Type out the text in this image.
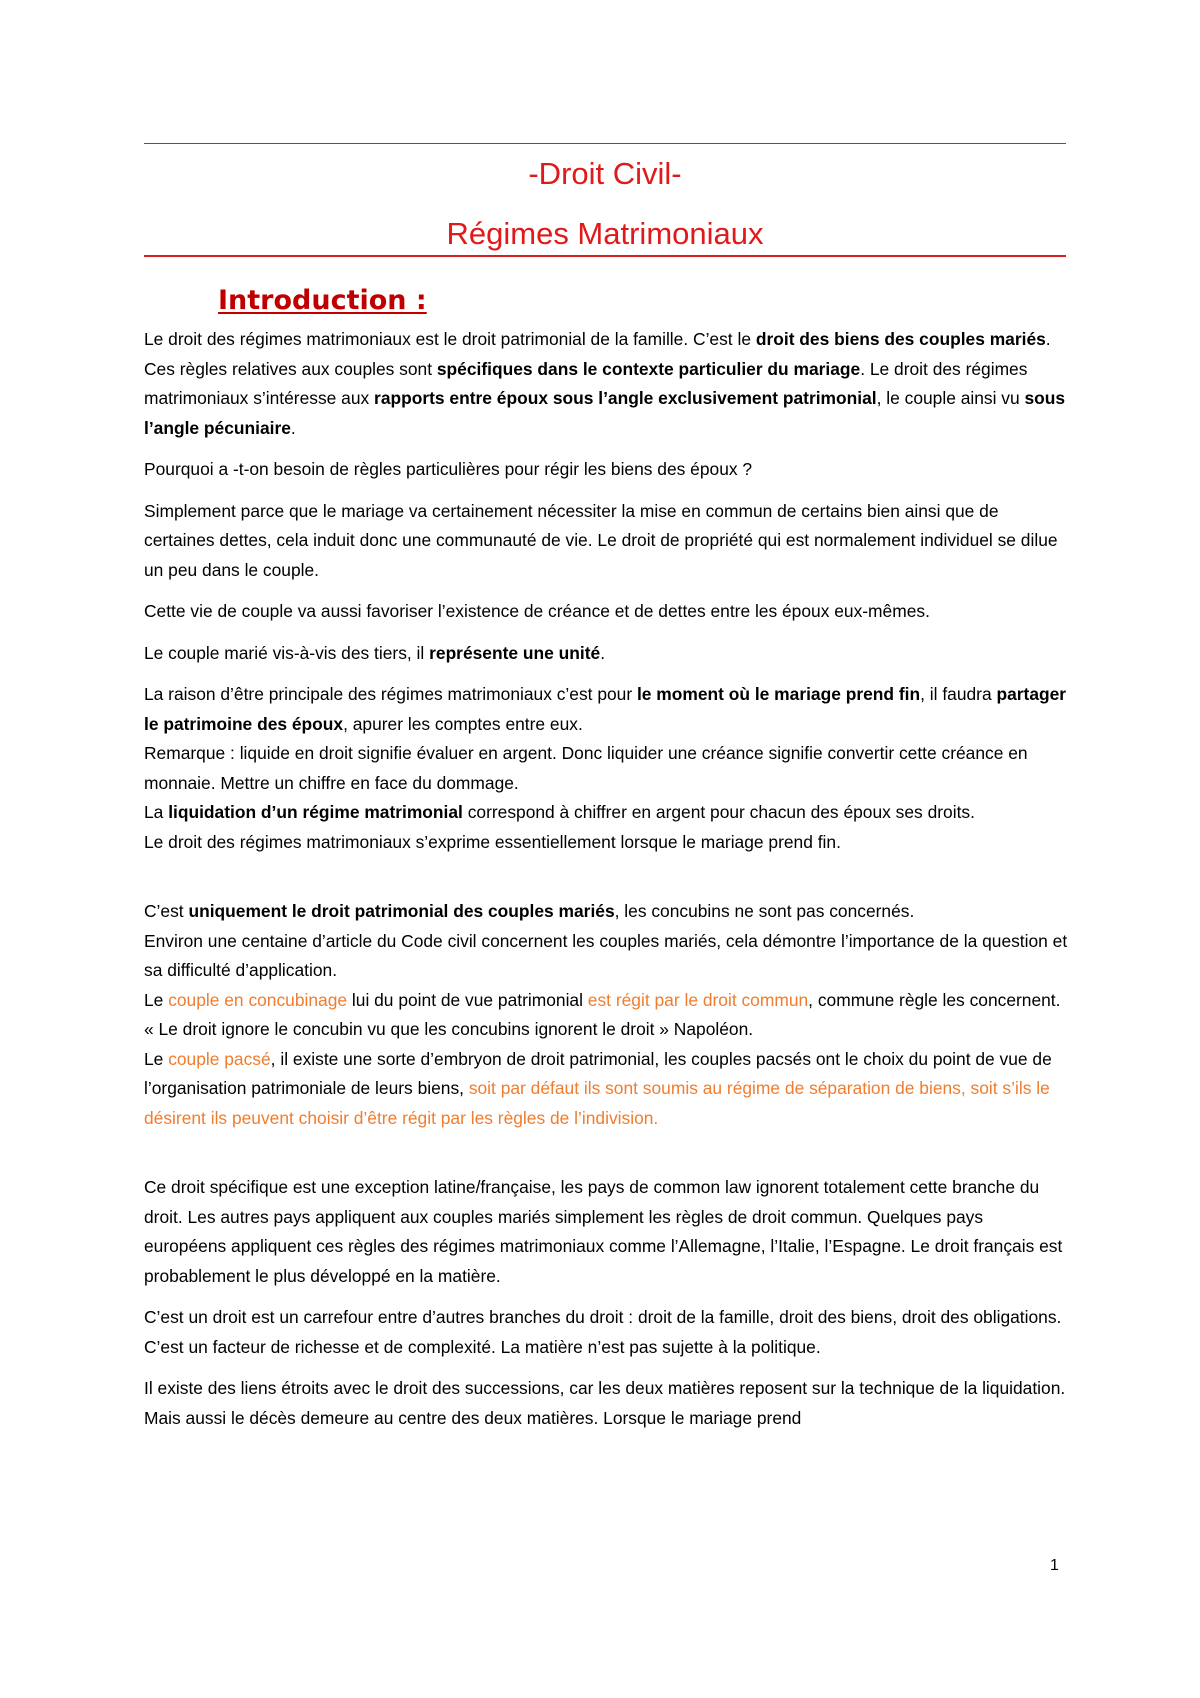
-Droit Civil-
Régimes Matrimoniaux
Introduction :

Le droit des régimes matrimoniaux est le droit patrimonial de la famille. C’est le droit des biens des couples mariés. Ces règles relatives aux couples sont spécifiques dans le contexte particulier du mariage. Le droit des régimes matrimoniaux s’intéresse aux rapports entre époux sous l’angle exclusivement patrimonial, le couple ainsi vu sous l’angle pécuniaire.

Pourquoi a -t-on besoin de règles particulières pour régir les biens des époux ?

Simplement parce que le mariage va certainement nécessiter la mise en commun de certains bien ainsi que de certaines dettes, cela induit donc une communauté de vie. Le droit de propriété qui est normalement individuel se dilue un peu dans le couple.

Cette vie de couple va aussi favoriser l’existence de créance et de dettes entre les époux eux-mêmes.

Le couple marié vis-à-vis des tiers, il représente une unité.

La raison d’être principale des régimes matrimoniaux c’est pour le moment où le mariage prend fin, il faudra partager le patrimoine des époux, apurer les comptes entre eux.

Remarque : liquide en droit signifie évaluer en argent. Donc liquider une créance signifie convertir cette créance en monnaie. Mettre un chiffre en face du dommage.

La liquidation d’un régime matrimonial correspond à chiffrer en argent pour chacun des époux ses droits.

Le droit des régimes matrimoniaux s’exprime essentiellement lorsque le mariage prend fin.

C’est uniquement le droit patrimonial des couples mariés, les concubins ne sont pas concernés.

Environ une centaine d’article du Code civil concernent les couples mariés, cela démontre l’importance de la question et sa difficulté d’application.

Le couple en concubinage lui du point de vue patrimonial est régit par le droit commun, commune règle les concernent. « Le droit ignore le concubin vu que les concubins ignorent le droit » Napoléon.

Le couple pacsé, il existe une sorte d’embryon de droit patrimonial, les couples pacsés ont le choix du point de vue de l’organisation patrimoniale de leurs biens, soit par défaut ils sont soumis au régime de séparation de biens, soit s’ils le désirent ils peuvent choisir d’être régit par les règles de l’indivision.

Ce droit spécifique est une exception latine/française, les pays de common law ignorent totalement cette branche du droit. Les autres pays appliquent aux couples mariés simplement les règles de droit commun. Quelques pays européens appliquent ces règles des régimes matrimoniaux comme l’Allemagne, l’Italie, l’Espagne. Le droit français est probablement le plus développé en la matière.

C’est un droit est un carrefour entre d’autres branches du droit : droit de la famille, droit des biens, droit des obligations. C’est un facteur de richesse et de complexité. La matière n’est pas sujette à la politique.

Il existe des liens étroits avec le droit des successions, car les deux matières reposent sur la technique de la liquidation. Mais aussi le décès demeure au centre des deux matières. Lorsque le mariage prend

1
